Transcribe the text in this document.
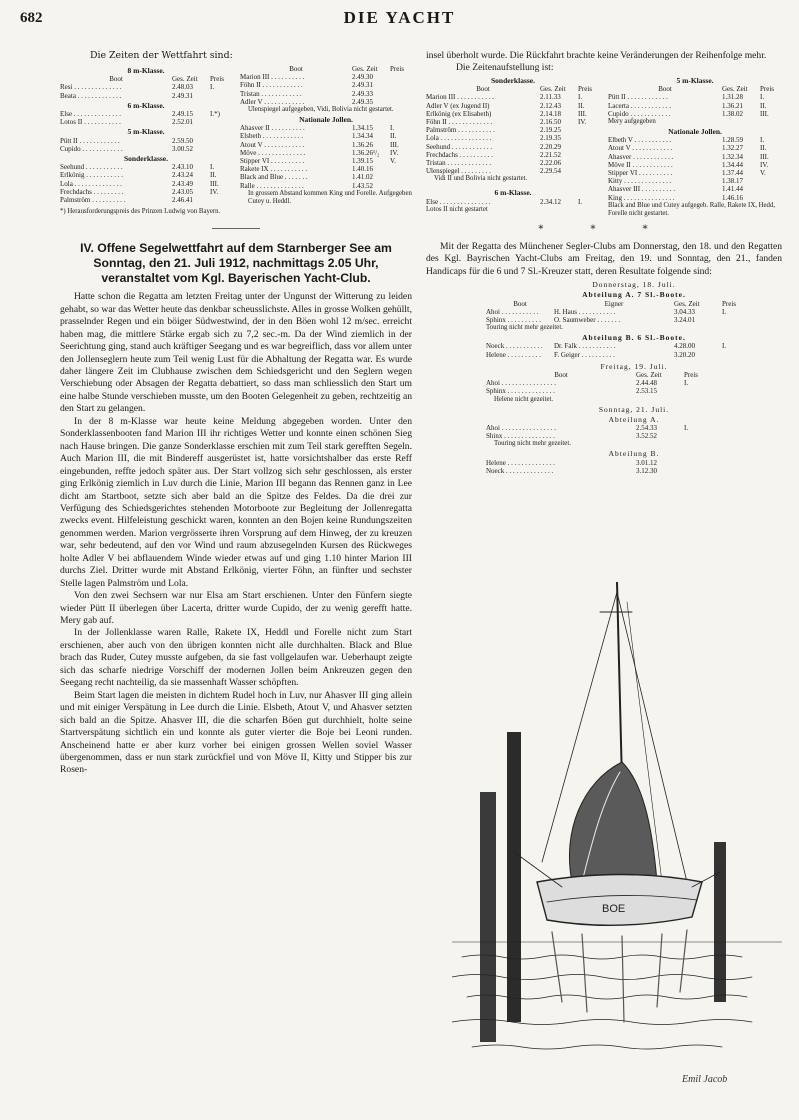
682	DIE YACHT
Die Zeiten der Wettfahrt sind:
8 m-Klasse.
Boot	Ges. Zeit	Preis
Resi . . . . . . . . . . . . . .	2.48.03	I.
Beata . . . . . . . . . . . . .	2.49.31
6 m-Klasse.
Else . . . . . . . . . . . . . .	2.49.15	I.*)
Lotos II . . . . . . . . . . .	2.52.01
5 m-Klasse.
Pütt II . . . . . . . . . . . .	2.59.50
Cupido . . . . . . . . . . . .	3.00.52
Sonderklasse.
Seehund . . . . . . . . . . .	2.43.10	I.
Erlkönig . . . . . . . . . . .	2.43.24	II.
Lola . . . . . . . . . . . . . .	2.43.49	III.
Frechdachs . . . . . . . . .	2.43.05	IV.
Palmström . . . . . . . . . .	2.46.41
*) Herausforderungspreis des Prinzen Ludwig von Bayern.
Boot	Ges. Zeit	Preis
Marion III . . . . . . . . . .	2.49.30
Föhn II . . . . . . . . . . . .	2.49.31
Tristan . . . . . . . . . . . .	2.49.33
Adler V . . . . . . . . . . . .	2.49.35
Ulenspiegel aufgegeben, Vidi, Bolivia nicht gestartet.
Nationale Jollen.
Ahasver II . . . . . . . . . .	1.34.15	I.
Elsbeth . . . . . . . . . . . .	1.34.34	II.
Atout V . . . . . . . . . . . .	1.36.26	III.
Möve . . . . . . . . . . . . . .	1.36.26¹/₂	IV.
Stipper VI . . . . . . . . . .	1.39.15	V.
Rakete IX . . . . . . . . . . .	1.40.16
Black and Blue . . . . . . .	1.41.02
Ralle . . . . . . . . . . . . . .	1.43.52
In grossem Abstand kommen King und Forelle. Aufgegeben Cutey u. Heddl.
IV. Offene Segelwettfahrt auf dem Starnberger See am Sonntag, den 21. Juli 1912, nachmittags 2.05 Uhr, veranstaltet vom Kgl. Bayerischen Yacht-Club.

Hatte schon die Regatta am letzten Freitag unter der Ungunst der Witterung zu leiden gehabt, so war das Wetter heute das denkbar scheusslichste. Alles in grosse Wolken gehüllt, prasselnder Regen und ein böiger Südwestwind, der in den Böen wohl 12 m/sec. erreicht haben mag, die mittlere Stärke ergab sich zu 7,2 sec.-m. Da der Wind ziemlich in der Seerichtung ging, stand auch kräftiger Seegang und es war begreiflich, dass vor allem unter den Jollenseglern heute zum Teil wenig Lust für die Abhaltung der Regatta war. Es wurde daher längere Zeit im Clubhause zwischen dem Schiedsgericht und den Seglern wegen Verschiebung oder Absagen der Regatta debattiert, so dass man schliesslich den Start um eine halbe Stunde verschieben musste, um den Booten Gelegenheit zu geben, rechtzeitig an den Start zu gelangen.

In der 8 m-Klasse war heute keine Meldung abgegeben worden. Unter den Sonderklassenbooten fand Marion III ihr richtiges Wetter und konnte einen schönen Sieg nach Hause bringen. Die ganze Sonderklasse erschien mit zum Teil stark gerefften Segeln. Auch Marion III, die mit Bindereff ausgerüstet ist, hatte vorsichtshalber das erste Reff eingebunden, reffte jedoch später aus. Der Start vollzog sich sehr geschlossen, als erster ging Erlkönig ziemlich in Luv durch die Linie, Marion III begann das Rennen ganz in Lee dicht am Startboot, setzte sich aber bald an die Spitze des Feldes. Da die drei zur Verfügung des Schiedsgerichtes stehenden Motorboote zur Begleitung der Jollenregatta zwecks event. Hilfeleistung geschickt waren, konnten an den Bojen keine Rundungszeiten genommen werden. Marion vergrösserte ihren Vorsprung auf dem Hinweg, der zu kreuzen war, sehr bedeutend, auf den vor Wind und raum abzusegelnden Kursen des Rückweges holte Adler V bei abflauendem Winde wieder etwas auf und ging 1.10 hinter Marion III durchs Ziel. Dritter wurde mit Abstand Erlkönig, vierter Föhn, an fünfter und sechster Stelle lagen Palmström und Lola.

Von den zwei Sechsern war nur Elsa am Start erschienen. Unter den Fünfern siegte wieder Pütt II überlegen über Lacerta, dritter wurde Cupido, der zu wenig gerefft hatte. Mery gab auf.

In der Jollenklasse waren Ralle, Rakete IX, Heddl und Forelle nicht zum Start erschienen, aber auch von den übrigen konnten nicht alle durchhalten. Black and Blue brach das Ruder, Cutey musste aufgeben, da sie fast vollgelaufen war. Ueberhaupt zeigte sich das scharfe niedrige Vorschiff der modernen Jollen beim Ankreuzen gegen den Seegang recht nachteilig, da sie massenhaft Wasser schöpften.

Beim Start lagen die meisten in dichtem Rudel hoch in Luv, nur Ahasver III ging allein und mit einiger Verspätung in Lee durch die Linie. Elsbeth, Atout V, und Ahasver setzten sich bald an die Spitze. Ahasver III, die die scharfen Böen gut durchhielt, holte seine Startverspätung sichtlich ein und konnte als guter vierter die Boje bei Leoni runden. Anscheinend hatte er aber kurz vorher bei einigen grossen Wellen soviel Wasser übergenommen, dass er nun stark zurückfiel und von Möve II, Kitty und Stipper bis zur Rosen-

insel überholt wurde. Die Rückfahrt brachte keine Veränderungen der Reihenfolge mehr.

Die Zeitenaufstellung ist:

Sonderklasse.
Boot	Ges. Zeit	Preis
Marion III . . . . . . . . . . .	2.11.33	I.
Adler V (ex Jugend II)	2.12.43	II.
Erlkönig (ex Elisabeth)	2.14.18	III.
Föhn II . . . . . . . . . . . . .	2.16.50	IV.
Palmström . . . . . . . . . . .	2.19.25
Lola . . . . . . . . . . . . . . .	2.19.35
Seehund . . . . . . . . . . . .	2.20.29
Frechdachs . . . . . . . . . .	2.21.52
Tristan . . . . . . . . . . . . .	2.22.06
Ulenspiegel . . . . . . . . .	2.29.54
Vidi II und Bolivia nicht gestartet.
6 m-Klasse.
Else . . . . . . . . . . . . . . .	2.34.12	I.
Lotos II nicht gestartet
5 m-Klasse.
Boot	Ges. Zeit	Preis
Pütt II . . . . . . . . . . . .	1.31.28	I.
Lacerta . . . . . . . . . . . .	1.36.21	II.
Cupido . . . . . . . . . . . .	1.38.02	III.
Mery aufgegeben
Nationale Jollen.
Elbeth V . . . . . . . . . . .	1.28.59	I.
Atout V . . . . . . . . . . . .	1.32.27	II.
Ahasver . . . . . . . . . . . .	1.32.34	III.
Möve II . . . . . . . . . . . .	1.34.44	IV.
Stipper VI . . . . . . . . . .	1.37.44	V.
Kitty . . . . . . . . . . . . . .	1.38.17
Ahasver III . . . . . . . . . .	1.41.44
King . . . . . . . . . . . . . . .	1.46.16
Black and Blue und Cutey aufgegeb. Ralle, Rakete IX, Hedd, Forelle nicht gestartet.
* * *

Mit der Regatta des Münchener Segler-Clubs am Donnerstag, den 18. und den Regatten des Kgl. Bayrischen Yacht-Clubs am Freitag, den 19. und Sonntag, den 21., fanden Handicaps für die 6 und 7 Sl.-Kreuzer statt, deren Resultate folgende sind:

Donnerstag, 18. Juli.
Abteilung A. 7 Sl.-Boote.
Boot	Eigner	Ges. Zeit	Preis
Ahoi . . . . . . . . . . .	H. Haus . . . . . . . . . . .	3.04.33	I.
Sphinx . . . . . . . . . .	O. Saumweber . . . . . . .	3.24.01
Touring nicht mehr gezeitet.
Abteilung B. 6 Sl.-Boote.
Noeck . . . . . . . . . . .	Dr. Falk . . . . . . . . . . .	4.28.00	I.
Helene . . . . . . . . . .	F. Geiger . . . . . . . . . .	3.20.20
Freitag, 19. Juli.
Boot	Ges. Zeit	Preis
Ahoi . . . . . . . . . . . . . . . .	2.44.48	I.
Sphinx . . . . . . . . . . . . . .	2.53.15
Helene nicht gezeitet.
Sonntag, 21. Juli.
Abteilung A.
Ahoi . . . . . . . . . . . . . . . .	2.54.33	I.
Shinx . . . . . . . . . . . . . . .	3.52.52
Touring nicht mehr gezeitet.
Abteilung B.
Helene . . . . . . . . . . . . . .	3.01.12
Noeck . . . . . . . . . . . . . .	3.12.30
BOE
Emil Jacob
